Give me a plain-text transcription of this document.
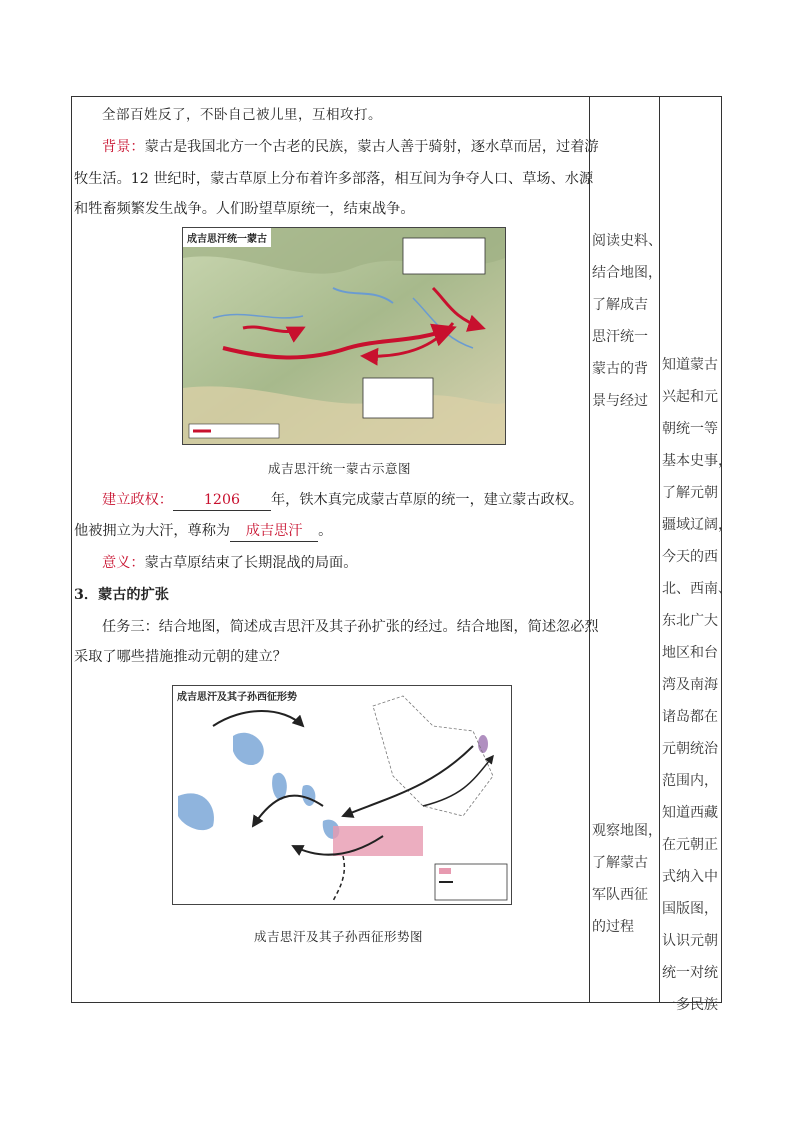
全部百姓反了，不卧自己被儿里，互相攻打。
背景：蒙古是我国北方一个古老的民族，蒙古人善于骑射，逐水草而居，过着游
牧生活。12 世纪时，蒙古草原上分布着许多部落，相互间为争夺人口、草场、水源
和牲畜频繁发生战争。人们盼望草原统一，结束战争。
成吉思汗统一蒙古
成吉思汗统一蒙古示意图
建立政权： 1206 年，铁木真完成蒙古草原的统一，建立蒙古政权。
他被拥立为大汗，尊称为 成吉思汗 。
意义：蒙古草原结束了长期混战的局面。
3．蒙古的扩张
任务三：结合地图，简述成吉思汗及其子孙扩张的经过。结合地图，简述忽必烈
采取了哪些措施推动元朝的建立？
成吉思汗及其子孙西征形势
成吉思汗及其子孙西征形势图
阅读史料、
结合地图，
了解成吉
思汗统一
蒙古的背
景与经过
观察地图，
了解蒙古
军队西征
的过程
知道蒙古
兴起和元
朝统一等
基本史事，
了解元朝
疆域辽阔，
今天的西
北、西南、
东北广大
地区和台
湾及南海
诸岛都在
元朝统治
范围内，
知道西藏
在元朝正
式纳入中
国版图，
认识元朝
统一对统
一多民族
